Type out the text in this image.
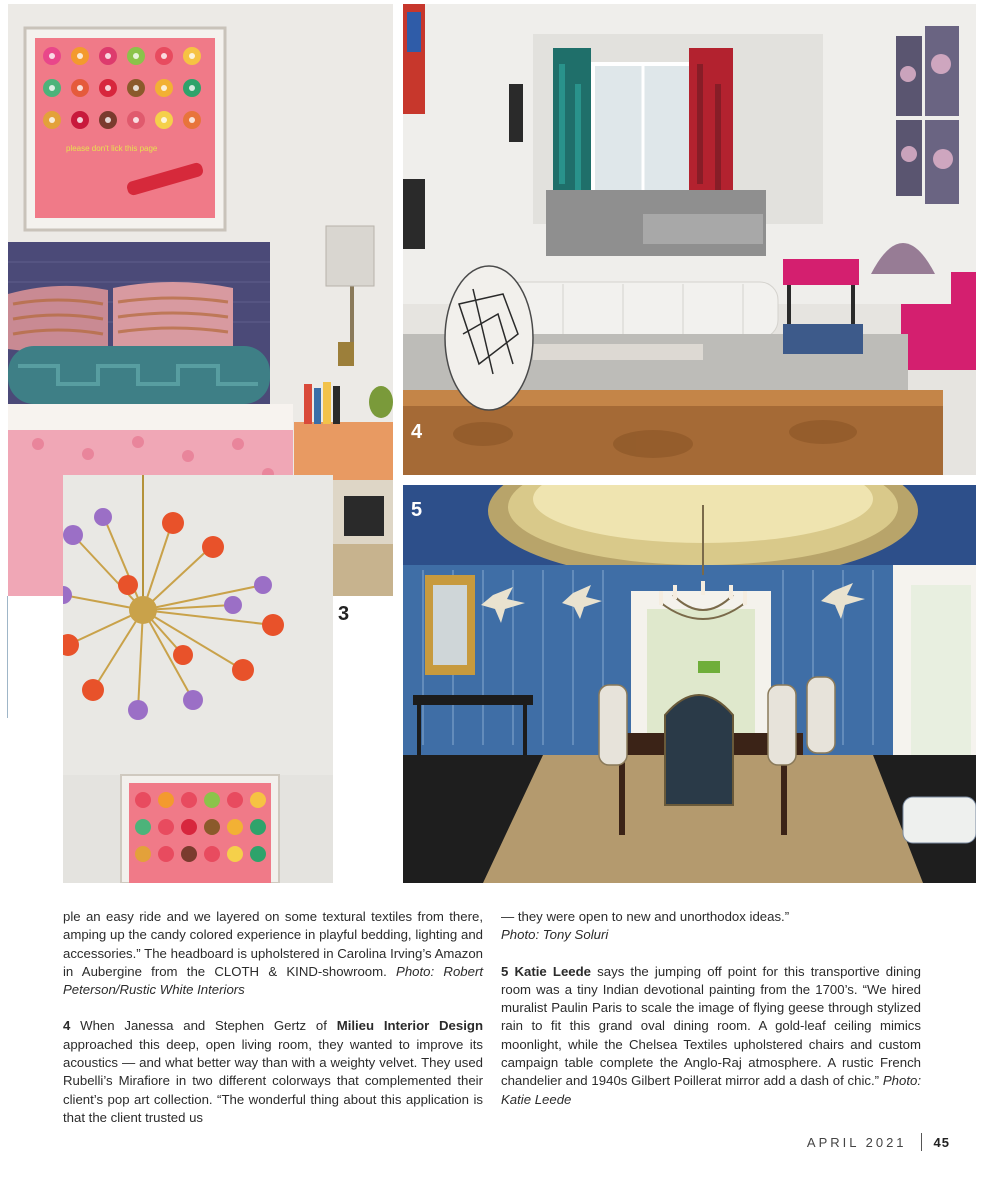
please don't lick this page
3
4
5

ple an easy ride and we layered on some textural textiles from there, amping up the candy colored experience in playful bedding, lighting and accessories.” The headboard is upholstered in Carolina Irving’s Amazon in Aubergine from the CLOTH & KIND-showroom. Photo: Robert Peterson/Rustic White Interiors

4 When Janessa and Stephen Gertz of Milieu Interior Design approached this deep, open living room, they wanted to improve its acoustics — and what better way than with a weighty velvet. They used Rubelli’s Mirafiore in two different colorways that complemented their client’s pop art collection. “The wonderful thing about this application is that the client trusted us

— they were open to new and unorthodox ideas.”
Photo: Tony Soluri

5 Katie Leede says the jumping off point for this transportive dining room was a tiny Indian devotional painting from the 1700’s. “We hired muralist Paulin Paris to scale the image of flying geese through stylized rain to fit this grand oval dining room. A gold-leaf ceiling mimics moonlight, while the Chelsea Textiles upholstered chairs and custom campaign table complete the Anglo-Raj atmosphere. A rustic French chandelier and 1940s Gilbert Poillerat mirror add a dash of chic.” Photo: Katie Leede

APRIL 2021 45
